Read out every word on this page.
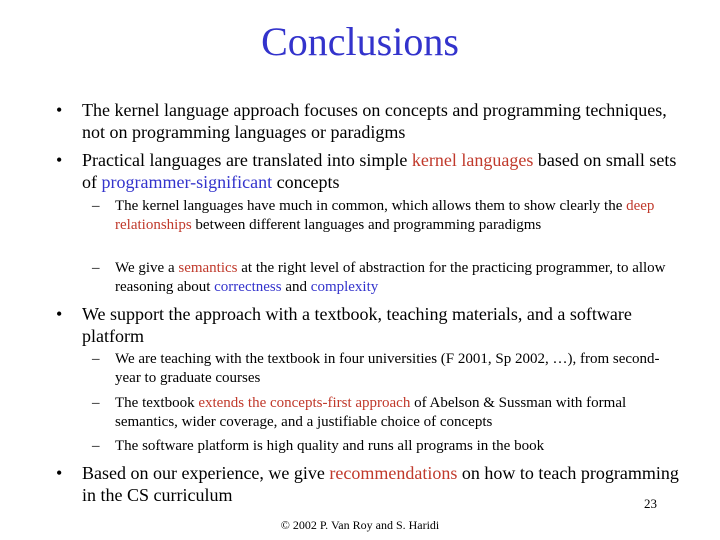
Conclusions
• The kernel language approach focuses on concepts and programming techniques, not on programming languages or paradigms
• Practical languages are translated into simple kernel languages based on small sets of programmer-significant concepts
– The kernel languages have much in common, which allows them to show clearly the deep relationships between different languages and programming paradigms
– We give a semantics at the right level of abstraction for the practicing programmer, to allow reasoning about correctness and complexity
• We support the approach with a textbook, teaching materials, and a software platform
– We are teaching with the textbook in four universities (F 2001, Sp 2002, …), from second-year to graduate courses
– The textbook extends the concepts-first approach of Abelson & Sussman with formal semantics, wider coverage, and a justifiable choice of concepts
– The software platform is high quality and runs all programs in the book
• Based on our experience, we give recommendations on how to teach programming in the CS curriculum	23
© 2002 P. Van Roy and S. Haridi
